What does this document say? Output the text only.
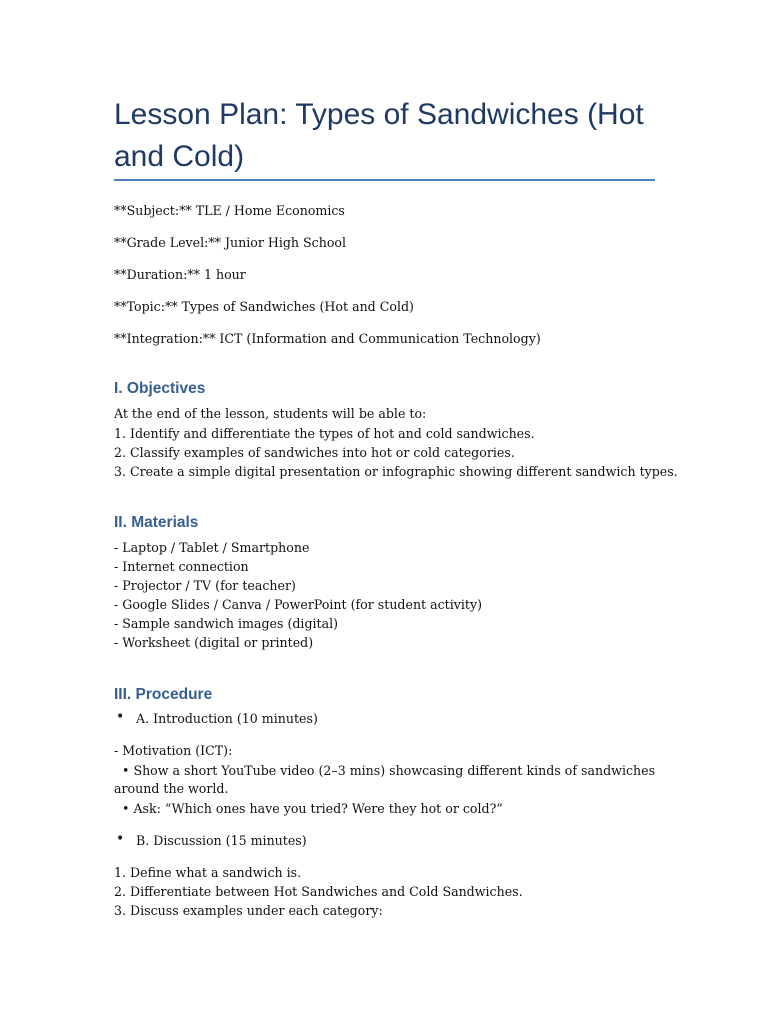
Lesson Plan: Types of Sandwiches (Hot and Cold)
**Subject:** TLE / Home Economics
**Grade Level:** Junior High School
**Duration:** 1 hour
**Topic:** Types of Sandwiches (Hot and Cold)
**Integration:** ICT (Information and Communication Technology)
I. Objectives
At the end of the lesson, students will be able to:
1. Identify and differentiate the types of hot and cold sandwiches.
2. Classify examples of sandwiches into hot or cold categories.
3. Create a simple digital presentation or infographic showing different sandwich types.
II. Materials
- Laptop / Tablet / Smartphone
- Internet connection
- Projector / TV (for teacher)
- Google Slides / Canva / PowerPoint (for student activity)
- Sample sandwich images (digital)
- Worksheet (digital or printed)
III. Procedure
• A. Introduction (10 minutes)
- Motivation (ICT):
• Show a short YouTube video (2–3 mins) showcasing different kinds of sandwiches
around the world.
• Ask: “Which ones have you tried? Were they hot or cold?”
• B. Discussion (15 minutes)
1. Define what a sandwich is.
2. Differentiate between Hot Sandwiches and Cold Sandwiches.
3. Discuss examples under each category:
